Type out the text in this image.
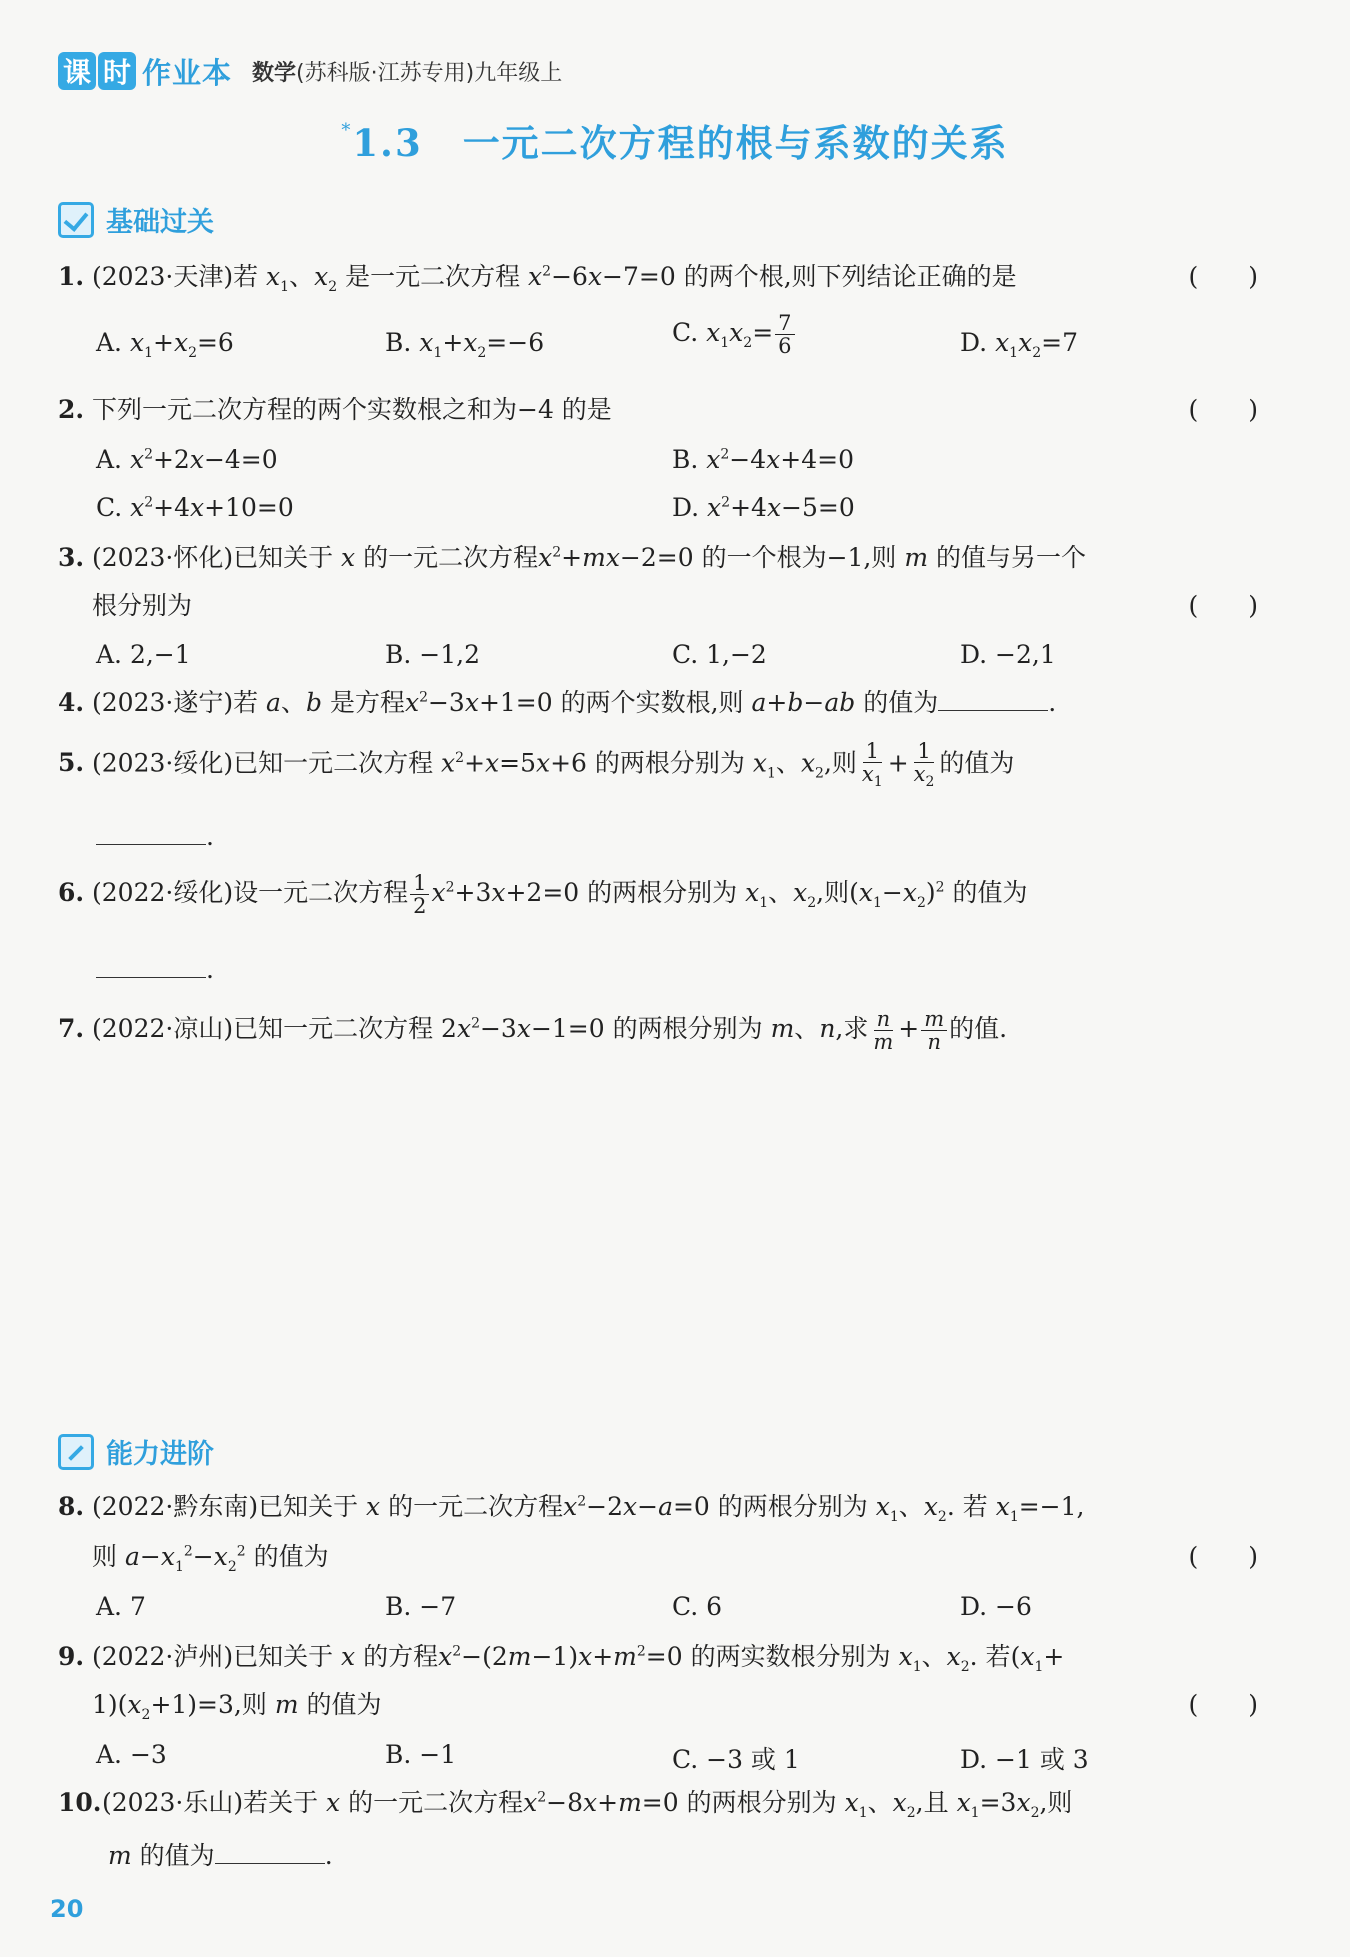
课 时 作业本 数学(苏科版·江苏专用)九年级上
*1.3 一元二次方程的根与系数的关系
基础过关
1. (2023·天津)若 $x_1$、$x_2$ 是一元二次方程 $x^2-6x-7=0$ 的两个根,则下列结论正确的是	(　　)
A. $x_1+x_2=6$	B. $x_1+x_2=-6$	C. $x_1x_2= \frac{7}{6}$	D. $x_1x_2=7$
2. 下列一元二次方程的两个实数根之和为−4 的是	(　　)
A. $x^2+2x-4=0$	B. $x^2-4x+4=0$
C. $x^2+4x+10=0$	D. $x^2+4x-5=0$
3. (2023·怀化)已知关于 x 的一元二次方程$x^2+mx-2=0$ 的一个根为−1,则 m 的值与另一个
根分别为	(　　)
A. 2,−1	B. −1,2	C. 1,−2	D. −2,1
4. (2023·遂宁)若 a、b 是方程$x^2-3x+1=0$ 的两个实数根,则 a+b−ab 的值为	.
5. (2023·绥化)已知一元二次方程 $x^2+x=5x+6$ 的两根分别为 $x_1$、$x_2$,则 $\frac{1}{x_1} + \frac{1}{x_2}$ 的值为
.
6. (2022·绥化)设一元二次方程 $\frac{1}{2} x^2+3x+2=0$ 的两根分别为 $x_1$、$x_2$,则$(x_1-x_2)^2$ 的值为
.
7. (2022·凉山)已知一元二次方程 $2x^2-3x-1=0$ 的两根分别为 m、n,求 $\frac{n}{m} + \frac{m}{n}$ 的值.
能力进阶
8. (2022·黔东南)已知关于 x 的一元二次方程$x^2-2x-a=0$ 的两根分别为 $x_1$、$x_2$. 若 $x_1=-1$,
则 $a-x_1^2-x_2^2$ 的值为	(　　)
A. 7	B. −7	C. 6	D. −6
9. (2022·泸州)已知关于 x 的方程$x^2-(2m-1)x+m^2=0$ 的两实数根分别为 $x_1$、$x_2$. 若($x_1+$
$1)(x_2+1)=3$,则 m 的值为	(　　)
A. −3	B. −1	C. −3 或 1	D. −1 或 3
10.(2023·乐山)若关于 x 的一元二次方程$x^2-8x+m=0$ 的两根分别为 $x_1$、$x_2$,且 $x_1=3x_2$,则
m 的值为	.
20
